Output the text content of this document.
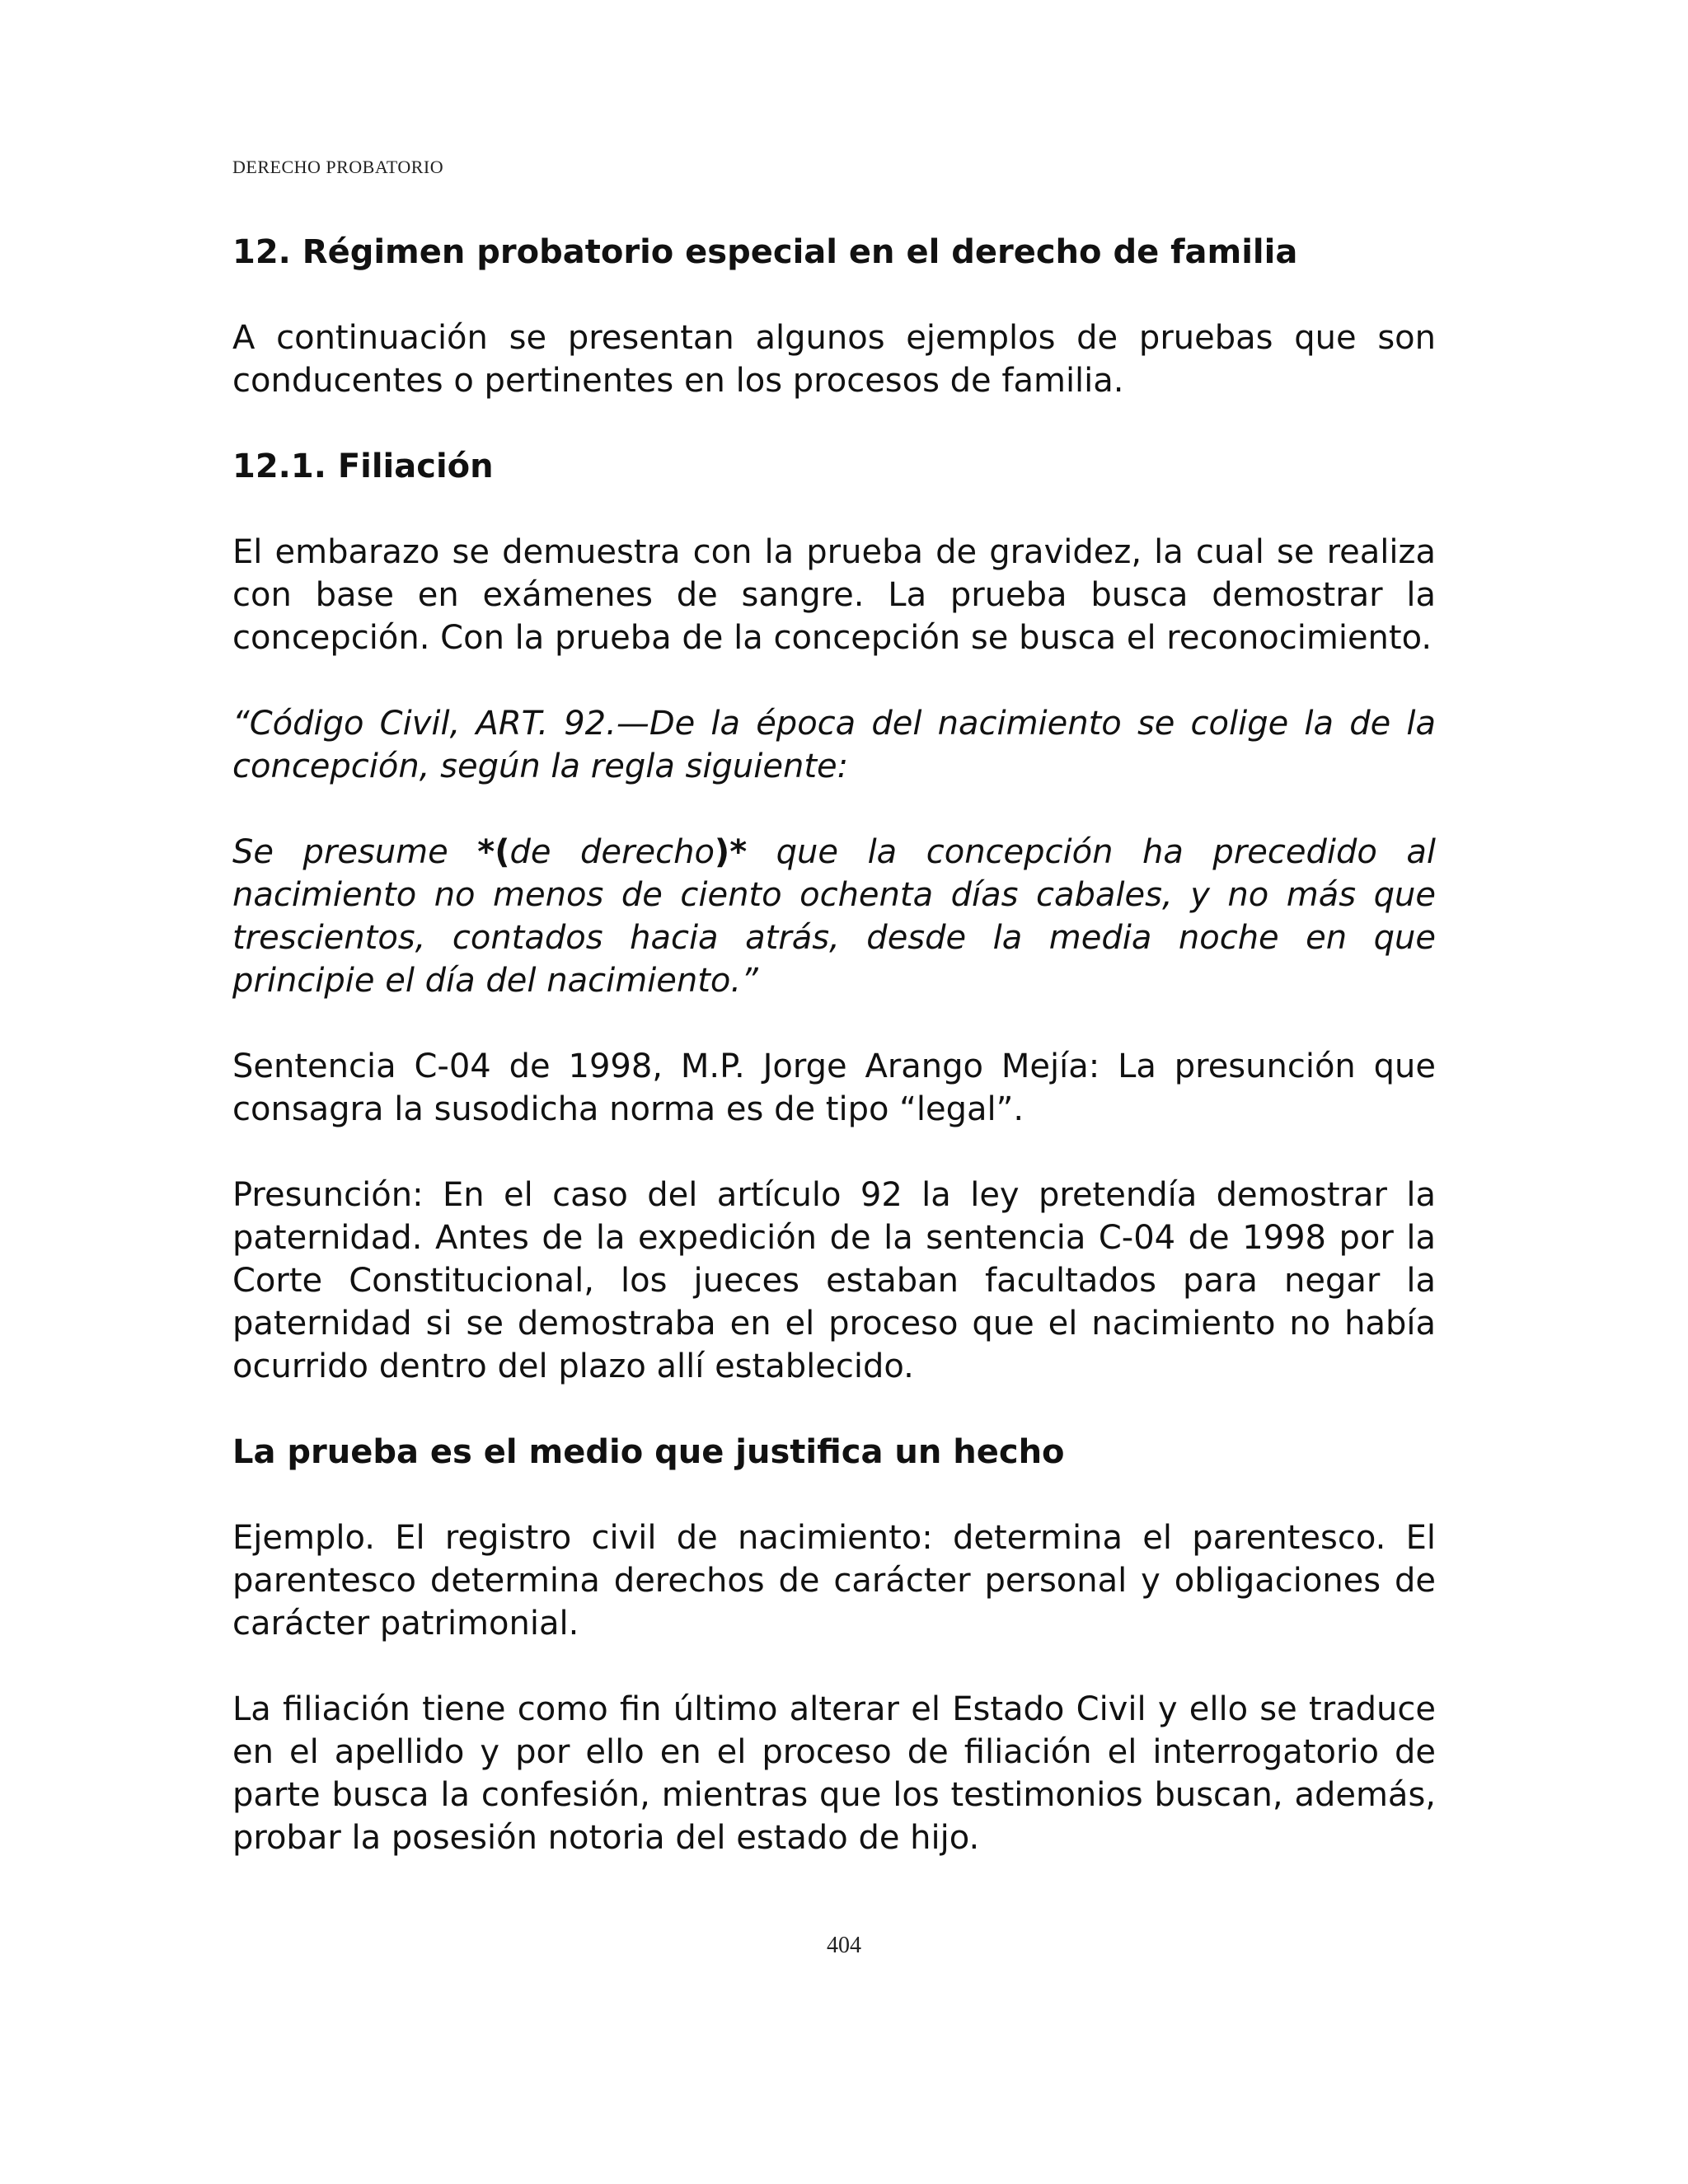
DERECHO PROBATORIO
12. Régimen probatorio especial en el derecho de familia

A continuación se presentan algunos ejemplos de pruebas que son conducentes o pertinentes en los procesos de familia.

12.1. Filiación

El embarazo se demuestra con la prueba de gravidez, la cual se realiza con base en exámenes de sangre. La prueba busca demostrar la concepción. Con la prueba de la concepción se busca el reconocimiento.

“Código Civil, ART. 92.—De la época del nacimiento se colige la de la concepción, según la regla siguiente:

Se presume *(de derecho)* que la concepción ha precedido al nacimiento no menos de ciento ochenta días cabales, y no más que trescientos, contados hacia atrás, desde la media noche en que principie el día del nacimiento.”

Sentencia C-04 de 1998, M.P. Jorge Arango Mejía: La presunción que consagra la susodicha norma es de tipo “legal”.

Presunción: En el caso del artículo 92 la ley pretendía demostrar la paternidad. Antes de la expedición de la sentencia C-04 de 1998 por la Corte Constitucional, los jueces estaban facultados para negar la paternidad si se demostraba en el proceso que el nacimiento no había ocurrido dentro del plazo allí establecido.

La prueba es el medio que justifica un hecho

Ejemplo. El registro civil de nacimiento: determina el parentesco. El parentesco determina derechos de carácter personal y obligaciones de carácter patrimonial.

La filiación tiene como fin último alterar el Estado Civil y ello se traduce en el apellido y por ello en el proceso de filiación el interrogatorio de parte busca la confesión, mientras que los testimonios buscan, además, probar la posesión notoria del estado de hijo.

404
